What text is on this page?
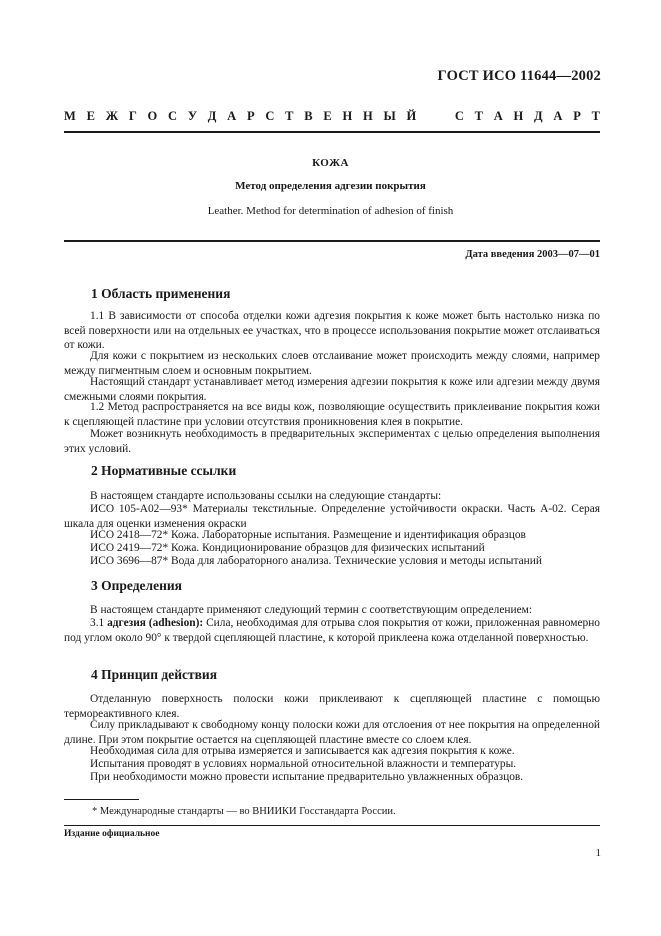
ГОСТ ИСО 11644—2002
М Е Ж Г О С У Д А Р С Т В Е Н Н Ы Й

	С Т А Н Д А Р Т
КОЖА
Метод определения адгезии покрытия
Leather. Method for determination of adhesion of finish
Дата введения 2003—07—01
1 Область применения

1.1 В зависимости от способа отделки кожи адгезия покрытия к коже может быть настолько низка по всей поверхности или на отдельных ее участках, что в процессе использования покрытие может отслаиваться от кожи.

Для кожи с покрытием из нескольких слоев отслаивание может происходить между слоями, например между пигментным слоем и основным покрытием.

Настоящий стандарт устанавливает метод измерения адгезии покрытия к коже или адгезии между двумя смежными слоями покрытия.

1.2 Метод распространяется на все виды кож, позволяющие осуществить приклеивание покрытия кожи к сцепляющей пластине при условии отсутствия проникновения клея в покрытие.

Может возникнуть необходимость в предварительных экспериментах с целью определения выполнения этих условий.

2 Нормативные ссылки

В настоящем стандарте использованы ссылки на следующие стандарты:

ИСО 105-А02—93* Материалы текстильные. Определение устойчивости окраски. Часть А-02. Серая шкала для оценки изменения окраски

ИСО 2418—72* Кожа. Лабораторные испытания. Размещение и идентификация образцов

ИСО 2419—72* Кожа. Кондиционирование образцов для физических испытаний

ИСО 3696—87* Вода для лабораторного анализа. Технические условия и методы испытаний

3 Определения

В настоящем стандарте применяют следующий термин с соответствующим определением:

3.1 адгезия (adhesion): Сила, необходимая для отрыва слоя покрытия от кожи, приложенная равномерно под углом около 90° к твердой сцепляющей пластине, к которой приклеена кожа отделанной поверхностью.

4 Принцип действия

Отделанную поверхность полоски кожи приклеивают к сцепляющей пластине с помощью термореактивного клея.

Силу прикладывают к свободному концу полоски кожи для отслоения от нее покрытия на определенной длине. При этом покрытие остается на сцепляющей пластине вместе со слоем клея.

Необходимая сила для отрыва измеряется и записывается как адгезия покрытия к коже.

Испытания проводят в условиях нормальной относительной влажности и температуры.

При необходимости можно провести испытание предварительно увлажненных образцов.

* Международные стандарты — во ВНИИКИ Госстандарта России.
Издание официальное
1
